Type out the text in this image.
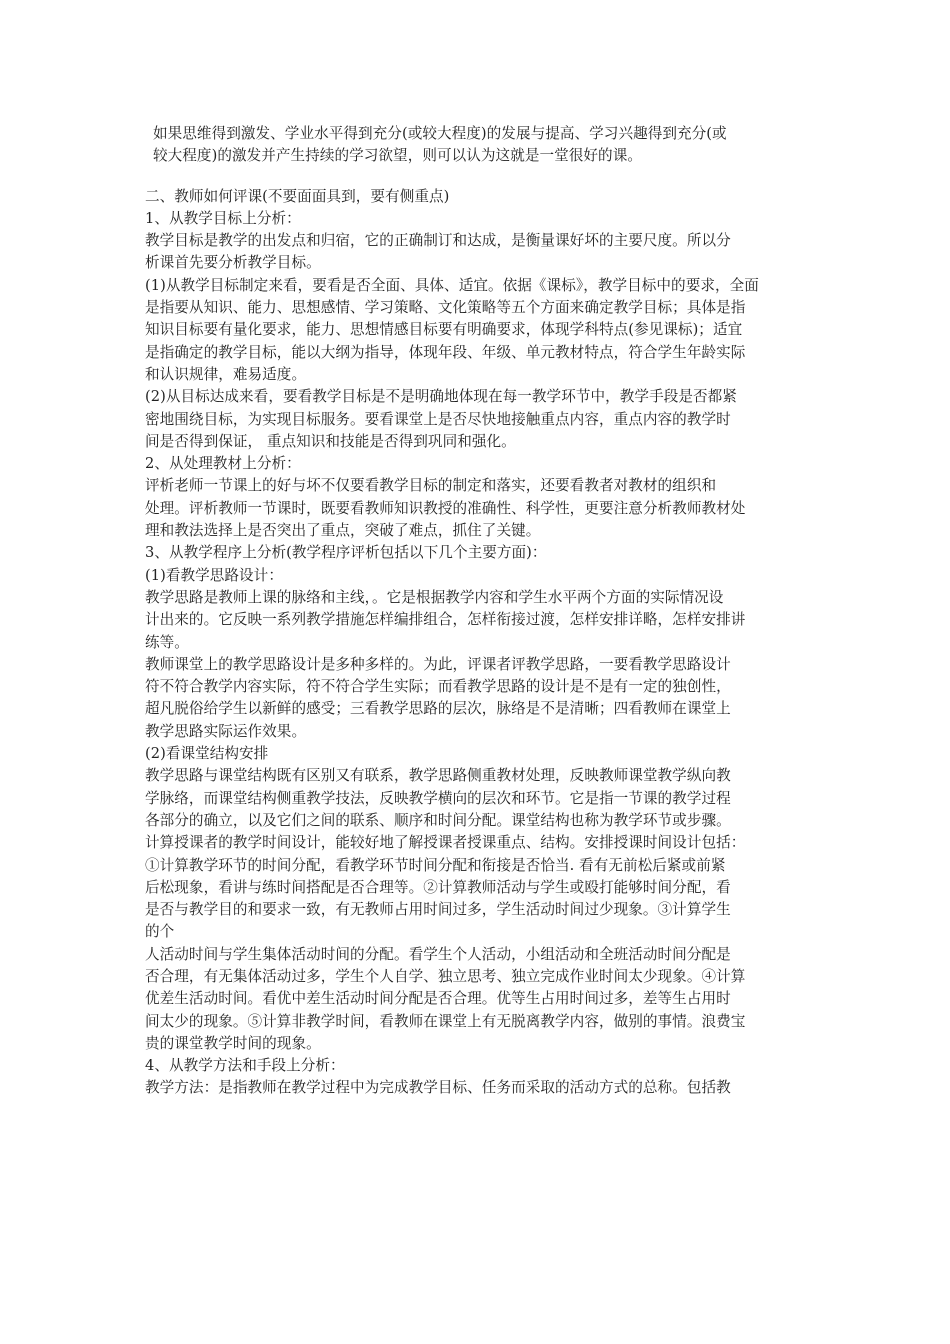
如果思维得到激发、学业水平得到充分(或较大程度)的发展与提高、学习兴趣得到充分(或
较大程度)的激发并产生持续的学习欲望，则可以认为这就是一堂很好的课。
二、教师如何评课(不要面面具到，要有侧重点)
1、从教学目标上分析：
教学目标是教学的出发点和归宿，它的正确制订和达成，是衡量课好坏的主要尺度。所以分
析课首先要分析教学目标。
(1)从教学目标制定来看，要看是否全面、具体、适宜。依据《课标》，教学目标中的要求，全面
是指要从知识、能力、思想感情、学习策略、文化策略等五个方面来确定教学目标；具体是指
知识目标要有量化要求，能力、思想情感目标要有明确要求，体现学科特点(参见课标)；适宜
是指确定的教学目标，能以大纲为指导，体现年段、年级、单元教材特点，符合学生年龄实际
和认识规律，难易适度。
(2)从目标达成来看，要看教学目标是不是明确地体现在每一教学环节中，教学手段是否都紧
密地围绕目标，为实现目标服务。要看课堂上是否尽快地接触重点内容，重点内容的教学时
间是否得到保证， 重点知识和技能是否得到巩同和强化。
2、从处理教材上分析：
评析老师一节课上的好与坏不仅要看教学目标的制定和落实，还要看教者对教材的组织和
处理。评析教师一节课时，既要看教师知识教授的准确性、科学性，更要注意分析教师教材处
理和教法选择上是否突出了重点，突破了难点，抓住了关键。
3、从教学程序上分析(教学程序评析包括以下几个主要方面)：
(1)看教学思路设计：
教学思路是教师上课的脉络和主线，。它是根据教学内容和学生水平两个方面的实际情况设
计出来的。它反映一系列教学措施怎样编排组合，怎样衔接过渡，怎样安排详略，怎样安排讲
练等。
教师课堂上的教学思路设计是多种多样的。为此，评课者评教学思路，一要看教学思路设计
符不符合教学内容实际，符不符合学生实际；而看教学思路的设计是不是有一定的独创性，
超凡脱俗给学生以新鲜的感受；三看教学思路的层次，脉络是不是清晰；四看教师在课堂上
教学思路实际运作效果。
(2)看课堂结构安排
教学思路与课堂结构既有区别又有联系，教学思路侧重教材处理，反映教师课堂教学纵向教
学脉络，而课堂结构侧重教学技法，反映教学横向的层次和环节。它是指一节课的教学过程
各部分的确立，以及它们之间的联系、顺序和时间分配。课堂结构也称为教学环节或步骤。
计算授课者的教学时间设计，能较好地了解授课者授课重点、结构。安排授课时间设计包括：
①计算教学环节的时间分配，看教学环节时间分配和衔接是否恰当. 看有无前松后紧或前紧
后松现象，看讲与练时间搭配是否合理等。②计算教师活动与学生或殴打能够时间分配，看
是否与教学目的和要求一致，有无教师占用时间过多，学生活动时间过少现象。③计算学生
的个
人活动时间与学生集体活动时间的分配。看学生个人活动，小组活动和全班活动时间分配是
否合理，有无集体活动过多，学生个人自学、独立思考、独立完成作业时间太少现象。④计算
优差生活动时间。看优中差生活动时间分配是否合理。优等生占用时间过多，差等生占用时
间太少的现象。⑤计算非教学时间，看教师在课堂上有无脱离教学内容，做别的事情。浪费宝
贵的课堂教学时间的现象。
4、从教学方法和手段上分析：
教学方法：是指教师在教学过程中为完成教学目标、任务而采取的活动方式的总称。包括教
